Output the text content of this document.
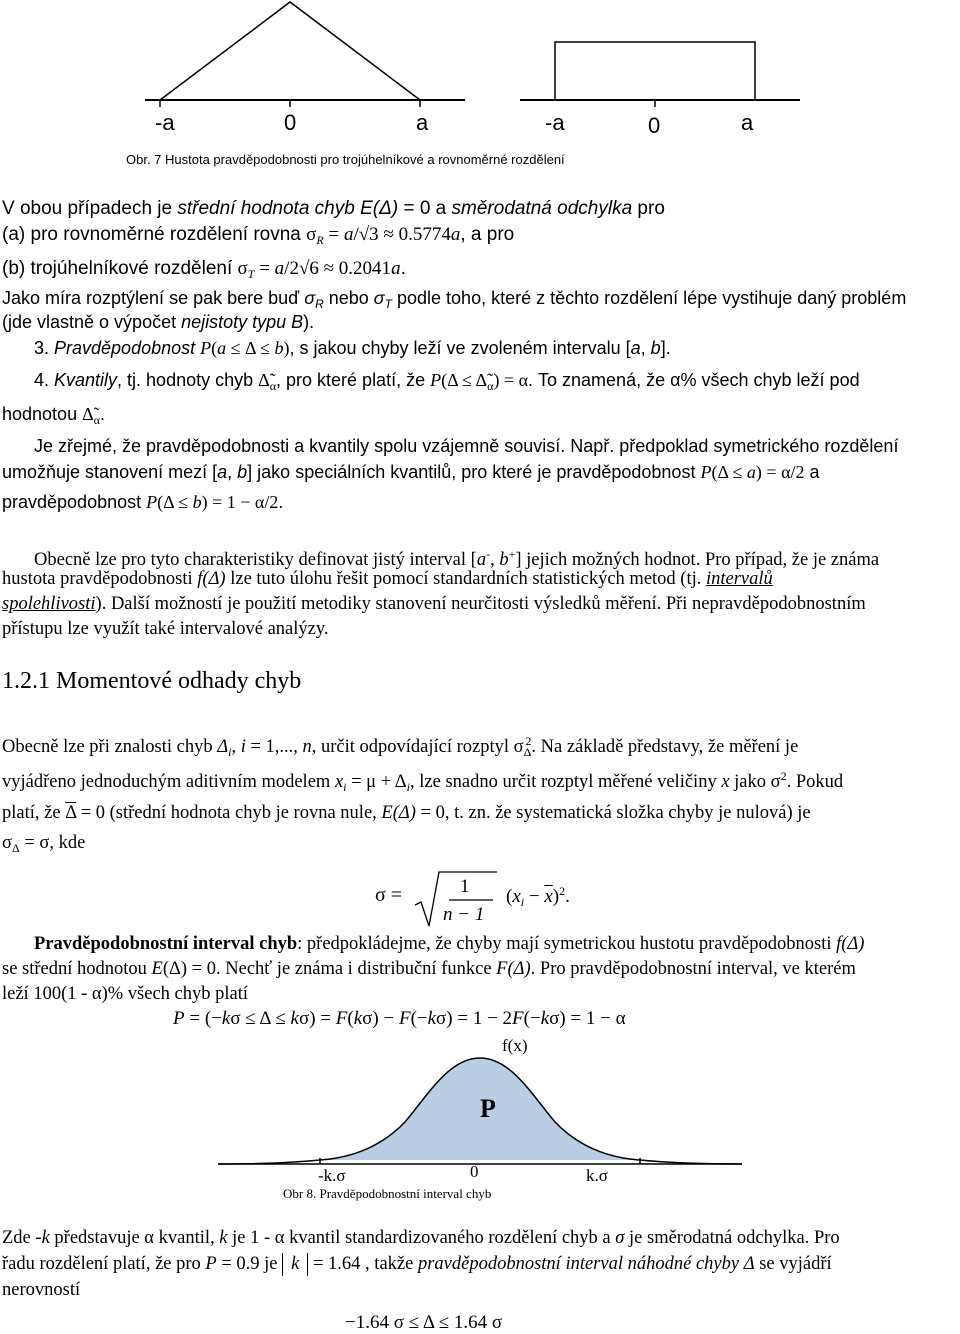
-a	0	a	-a	0	a
Obr. 7 Hustota pravděpodobnosti pro trojúhelníkové a rovnoměrné rozdělení
V obou případech je střední hodnota chyb E(Δ) = 0 a směrodatná odchylka pro
(a) pro rovnoměrné rozdělení rovna $\sigma_R = a/√3 \approx 0.5774a$, a pro
(b) trojúhelníkové rozdělení $\sigma_T = a/2√6 \approx 0.2041a$.
Jako míra rozptýlení se pak bere buď $\sigma_R$ nebo $\sigma_T$ podle toho, které z těchto rozdělení lépe vystihuje daný problém
(jde vlastně o výpočet nejistoty typu B).
3. Pravděpodobnost P(a ≤ Δ ≤ b), s jakou chyby leží ve zvoleném intervalu [a, b].
4. Kvantily, tj. hodnoty chyb $\Deltã_\alpha$, pro které platí, že $P(\Delta \le \Deltã_\alpha) = \alpha$. To znamená, že α% všech chyb leží pod
hodnotou $\Deltã_\alpha$.
Je zřejmé, že pravděpodobnosti a kvantily spolu vzájemně souvisí. Např. předpoklad symetrického rozdělení
umožňuje stanovení mezí [a, b] jako speciálních kvantilů, pro které je pravděpodobnost P(Δ ≤ a) = α/2 a
pravděpodobnost P(Δ ≤ b) = 1 − α/2.
Obecně lze pro tyto charakteristiky definovat jistý interval [a-, b+] jejich možných hodnot. Pro případ, že je známa
hustota pravděpodobnosti f(Δ) lze tuto úlohu řešit pomocí standardních statistických metod (tj. intervalů
spolehlivosti). Další možností je použití metodiky stanovení neurčitosti výsledků měření. Při nepravděpodobnostním
přístupu lze využít také intervalové analýzy.
1.2.1 Momentové odhady chyb
Obecně lze při znalosti chyb $\Delta_i$, i = 1,..., n, určit odpovídající rozptyl $\sigma_\Delta^2$. Na základě představy, že měření je
vyjádřeno jednoduchým aditivním modelem $x_i = \mu + \Delta_i$, lze snadno určit rozptyl měřené veličiny x jako $\sigma^2$. Pokud
platí, že $\overline{\Delta} = 0$ (střední hodnota chyb je rovna nule, E(Δ) = 0, t. zn. že systematická složka chyby je nulová) je
$\sigma_\Delta = \sigma$, kde
σ =	1
n − 1
$(x_i - \overline{x})^2$.
Pravděpodobnostní interval chyb: předpokládejme, že chyby mají symetrickou hustotu pravděpodobnosti f(Δ)
se střední hodnotou E(Δ) = 0. Nechť je známa i distribuční funkce F(Δ). Pro pravděpodobnostní interval, ve kterém
leží 100(1 - α)% všech chyb platí
P = (−kσ ≤ Δ ≤ kσ) = F(kσ) − F(−kσ) = 1 − 2F(−kσ) = 1 − α
f(x)
P
-k.σ	0	k.σ
Obr 8. Pravděpodobnostní interval chyb
Zde -k představuje α kvantil, k je 1 - α kvantil standardizovaného rozdělení chyb a σ je směrodatná odchylka. Pro
řadu rozdělení platí, že pro P = 0.9 je k = 1.64 , takže pravděpodobnostní interval náhodné chyby Δ se vyjádří
nerovností
−1.64 σ ≤ Δ ≤ 1.64 σ
